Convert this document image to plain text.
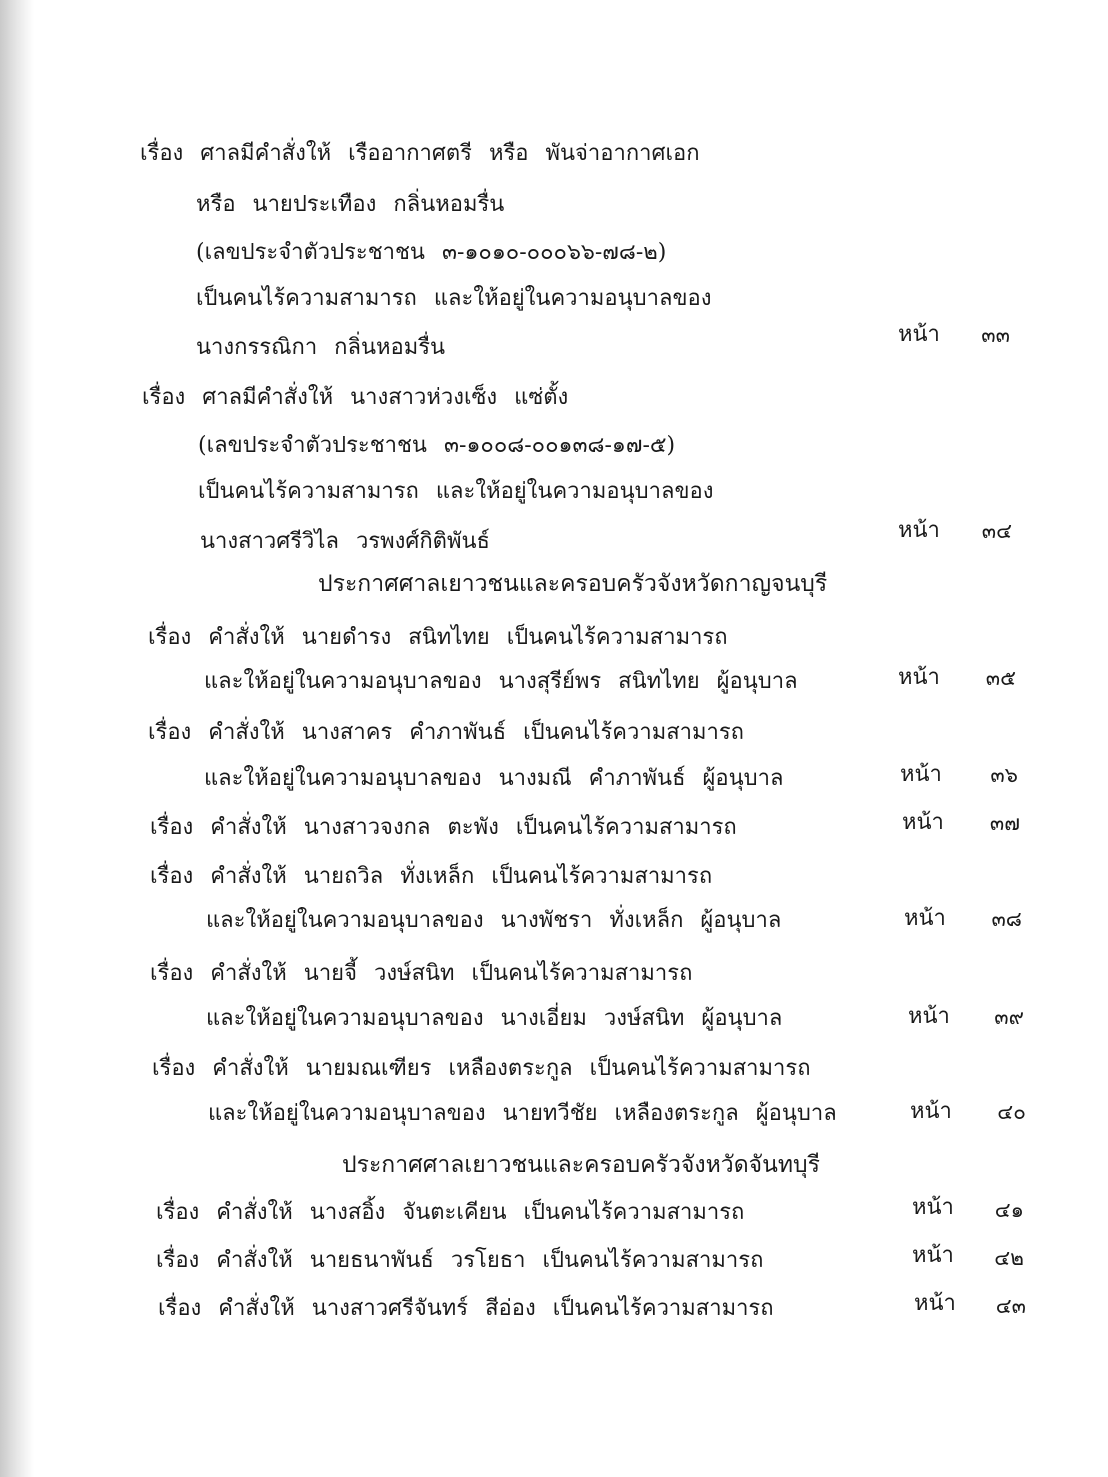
เรื่อง ศาลมีคำสั่งให้ เรืออากาศตรี หรือ พันจ่าอากาศเอก
หรือ นายประเทือง กลิ่นหอมรื่น
(เลขประจำตัวประชาชน ๓-๑๐๑๐-๐๐๐๖๖-๗๘-๒)
เป็นคนไร้ความสามารถ และให้อยู่ในความอนุบาลของ
นางกรรณิกา กลิ่นหอมรื่น
หน้า	๓๓
เรื่อง ศาลมีคำสั่งให้ นางสาวห่วงเซ็ง แซ่ตั้ง
(เลขประจำตัวประชาชน ๓-๑๐๐๘-๐๐๑๓๘-๑๗-๕)
เป็นคนไร้ความสามารถ และให้อยู่ในความอนุบาลของ
นางสาวศรีวิไล วรพงศ์กิติพันธ์	หน้า	๓๔
ประกาศศาลเยาวชนและครอบครัวจังหวัดกาญจนบุรี
เรื่อง คำสั่งให้ นายดำรง สนิทไทย เป็นคนไร้ความสามารถ
และให้อยู่ในความอนุบาลของ นางสุรีย์พร สนิทไทย ผู้อนุบาล	หน้า	๓๕
เรื่อง คำสั่งให้ นางสาคร คำภาพันธ์ เป็นคนไร้ความสามารถ
และให้อยู่ในความอนุบาลของ นางมณี คำภาพันธ์ ผู้อนุบาล	หน้า	๓๖
เรื่อง คำสั่งให้ นางสาวจงกล ตะพัง เป็นคนไร้ความสามารถ	หน้า	๓๗
เรื่อง คำสั่งให้ นายถวิล ทั่งเหล็ก เป็นคนไร้ความสามารถ
และให้อยู่ในความอนุบาลของ นางพัชรา ทั่งเหล็ก ผู้อนุบาล	หน้า	๓๘
เรื่อง คำสั่งให้ นายจี้ วงษ์สนิท เป็นคนไร้ความสามารถ
และให้อยู่ในความอนุบาลของ นางเอี่ยม วงษ์สนิท ผู้อนุบาล	หน้า	๓๙
เรื่อง คำสั่งให้ นายมณเฑียร เหลืองตระกูล เป็นคนไร้ความสามารถ
และให้อยู่ในความอนุบาลของ นายทวีชัย เหลืองตระกูล ผู้อนุบาล	หน้า	๔๐
ประกาศศาลเยาวชนและครอบครัวจังหวัดจันทบุรี
เรื่อง คำสั่งให้ นางสอิ้ง จันตะเคียน เป็นคนไร้ความสามารถ	หน้า	๔๑
เรื่อง คำสั่งให้ นายธนาพันธ์ วรโยธา เป็นคนไร้ความสามารถ	หน้า	๔๒
เรื่อง คำสั่งให้ นางสาวศรีจันทร์ สีอ่อง เป็นคนไร้ความสามารถ	หน้า	๔๓
